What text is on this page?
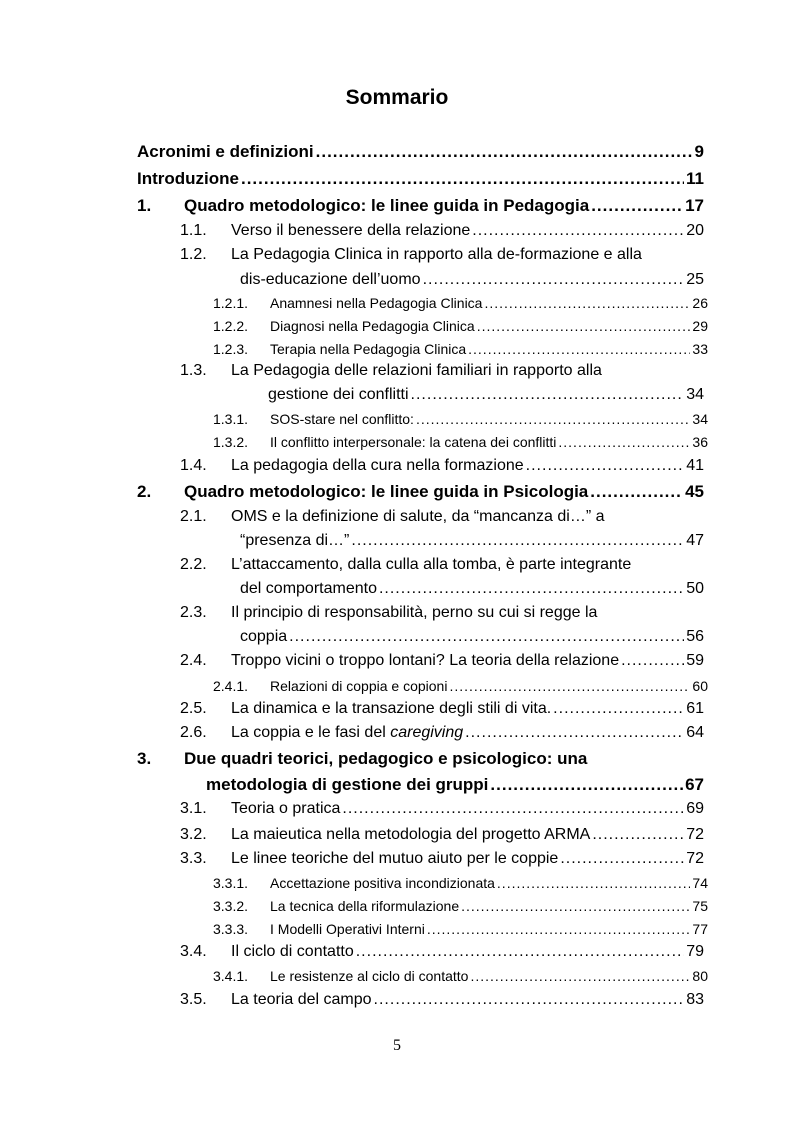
Sommario
Acronimi e definizioni .....	9
Introduzione .....	11
1. Quadro metodologico: le linee guida in Pedagogia .....	17
1.1. Verso il benessere della relazione .....	20
1.2. La Pedagogia Clinica in rapporto alla de-formazione e alla
dis-educazione dell’uomo .....	25
1.2.1. Anamnesi nella Pedagogia Clinica .....	26
1.2.2. Diagnosi nella Pedagogia Clinica .....	29
1.2.3. Terapia nella Pedagogia Clinica .....	33
1.3. La Pedagogia delle relazioni familiari in rapporto alla
gestione dei conflitti .....	34
1.3.1. SOS-stare nel conflitto: .....	34
1.3.2. Il conflitto interpersonale: la catena dei conflitti .....	36
1.4. La pedagogia della cura nella formazione .....	41
2. Quadro metodologico: le linee guida in Psicologia .....	45
2.1. OMS e la definizione di salute, da “mancanza di…” a
“presenza di…” .....	47
2.2. L’attaccamento, dalla culla alla tomba, è parte integrante
del comportamento .....	50
2.3. Il principio di responsabilità, perno su cui si regge la
coppia .....	56
2.4. Troppo vicini o troppo lontani? La teoria della relazione .....	59
2.4.1. Relazioni di coppia e copioni .....	60
2.5. La dinamica e la transazione degli stili di vita. .....	61
2.6. La coppia e le fasi del caregiving .....	64
3. Due quadri teorici, pedagogico e psicologico: una
metodologia di gestione dei gruppi .....	67
3.1. Teoria o pratica .....	69
3.2. La maieutica nella metodologia del progetto ARMA .....	72
3.3. Le linee teoriche del mutuo aiuto per le coppie .....	72
3.3.1. Accettazione positiva incondizionata .....	74
3.3.2. La tecnica della riformulazione .....	75
3.3.3. I Modelli Operativi Interni .....	77
3.4. Il ciclo di contatto .....	79
3.4.1. Le resistenze al ciclo di contatto .....	80
3.5. La teoria del campo .....	83
5
